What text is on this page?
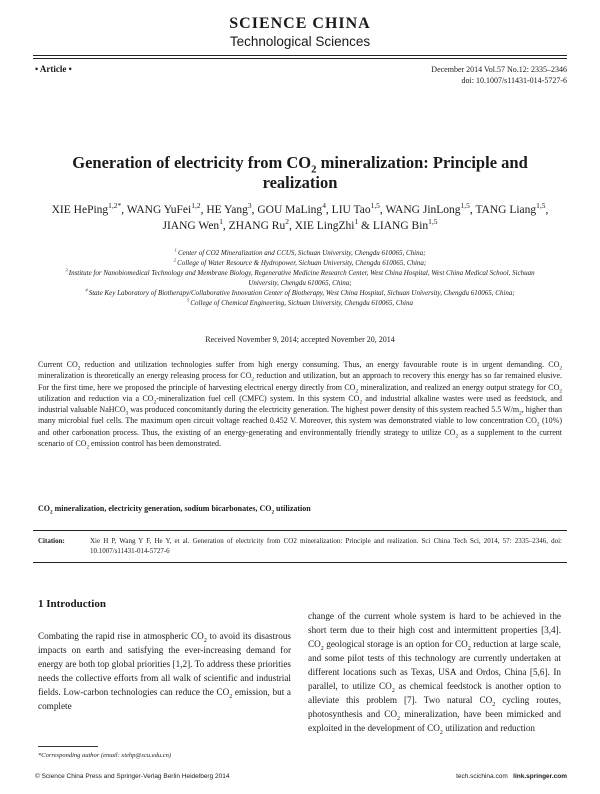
SCIENCE CHINA
Technological Sciences
• Article •	December 2014 Vol.57 No.12: 2335–2346
doi: 10.1007/s11431-014-5727-6
Generation of electricity from $CO_2$ mineralization: Principle and realization
XIE HePing$^{1,2*}$, WANG YuFei$^{1,2}$, HE Yang$^3$, GOU MaLing$^4$, LIU Tao$^{1,5}$, WANG JinLong$^{1,5}$, TANG Liang$^{1,5}$, JIANG Wen$^1$, ZHANG Ru$^2$, XIE LingZhi$^1$ & LIANG Bin$^{1,5}$

$^1$ Center of CO2 Mineralization and CCUS, Sichuan University, Chengdu 610065, China;

$^2$ College of Water Resource & Hydropower, Sichuan University, Chengdu 610065, China;

$^3$ Institute for Nanobiomedical Technology and Membrane Biology, Regenerative Medicine Research Center, West China Hospital, West China Medical School, Sichuan University, Chengdu 610065, China;

$^4$ State Key Laboratory of Biotherapy/Collaborative Innovation Center of Biotherapy, West China Hospital, Sichuan University, Chengdu 610065, China;

$^5$ College of Chemical Engineering, Sichuan University, Chengdu 610065, China

Received November 9, 2014; accepted November 20, 2014

Current $CO_2$ reduction and utilization technologies suffer from high energy consuming. Thus, an energy favourable route is in urgent demanding. $CO_2$ mineralization is theoretically an energy releasing process for $CO_2$ reduction and utilization, but an approach to recovery this energy has so far remained elusive. For the first time, here we proposed the principle of harvesting electrical energy directly from $CO_2$ mineralization, and realized an energy output strategy for $CO_2$ utilization and reduction via a $CO_2$-mineralization fuel cell (CMFC) system. In this system $CO_2$ and industrial alkaline wastes were used as feedstock, and industrial valuable NaHCO$_3$ was produced concomitantly during the electricity generation. The highest power density of this system reached 5.5 $W/m_2$, higher than many microbial fuel cells. The maximum open circuit voltage reached 0.452 V. Moreover, this system was demonstrated viable to low concentration $CO_2$ (10%) and other carbonation process. Thus, the existing of an energy-generating and environmentally friendly strategy to utilize $CO_2$ as a supplement to the current scenario of $CO_2$ emission control has been demonstrated.

$CO_2$ mineralization, electricity generation, sodium bicarbonates, $CO_2$ utilization
Citation:	Xie H P, Wang Y F, He Y, et al. Generation of electricity from CO2 mineralization: Principle and realization. Sci China Tech Sci, 2014, 57: 2335–2346, doi: 10.1007/s11431-014-5727-6
1 Introduction

Combating the rapid rise in atmospheric $CO_2$ to avoid its disastrous impacts on earth and satisfying the ever-increasing demand for energy are both top global priorities [1,2]. To address these priorities needs the collective efforts from all walk of scientific and industrial fields. Low-carbon technologies can reduce the $CO_2$ emission, but a complete

change of the current whole system is hard to be achieved in the short term due to their high cost and intermittent properties [3,4]. $CO_2$ geological storage is an option for $CO_2$ reduction at large scale, and some pilot tests of this technology are currently undertaken at different locations such as Texas, USA and Ordos, China [5,6]. In parallel, to utilize $CO_2$ as chemical feedstock is another option to alleviate this problem [7]. Two natural $CO_2$ cycling routes, photosynthesis and $CO_2$ mineralization, have been mimicked and exploited in the development of $CO_2$ utilization and reduction

*Corresponding author (email: xiehp@scu.edu.cn)
© Science China Press and Springer-Verlag Berlin Heidelberg 2014	tech.scichina.com link.springer.com
